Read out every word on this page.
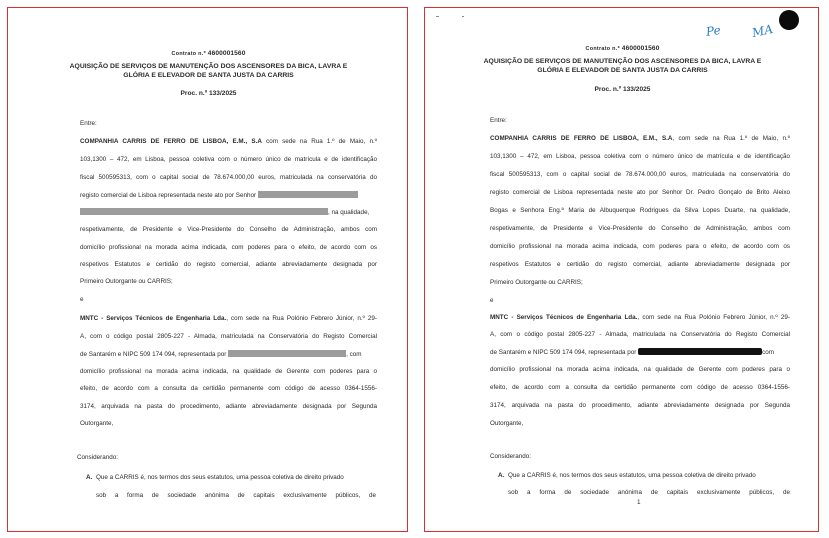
Contrato n.º 4600001560
AQUISIÇÃO DE SERVIÇOS DE MANUTENÇÃO DOS ASCENSORES DA BICA, LAVRA E
GLÓRIA E ELEVADOR DE SANTA JUSTA DA CARRIS
Proc. n.º 133/2025
Entre:
COMPANHIA CARRIS DE FERRO DE LISBOA, E.M., S.A com sede na Rua 1.º de Maio, n.º
103,1300 – 472, em Lisboa, pessoa coletiva com o número único de matrícula e de identificação
fiscal 500595313, com o capital social de 78.674.000,00 euros, matriculada na conservatória do
registo comercial de Lisboa representada neste ato por Senhor
, na qualidade,
respetivamente, de Presidente e Vice-Presidente do Conselho de Administração, ambos com
domicílio profissional na morada acima indicada, com poderes para o efeito, de acordo com os
respetivos Estatutos e certidão do registo comercial, adiante abreviadamente designada por
Primeiro Outorgante ou CARRIS;
e
MNTC - Serviços Técnicos de Engenharia Lda., com sede na Rua Polónio Febrero Júnior, n.º 29-
A, com o código postal 2805-227 - Almada, matriculada na Conservatória do Registo Comercial
de Santarém e NIPC 509 174 094, representada por	, com
domicílio profissional na morada acima indicada, na qualidade de Gerente com poderes para o
efeito, de acordo com a consulta da certidão permanente com código de acesso 0364-1556-
3174, arquivada na pasta do procedimento, adiante abreviadamente designada por Segunda
Outorgante,
Considerando:
A. Que a CARRIS é, nos termos dos seus estatutos, uma pessoa coletiva de direito privado
sob a forma de sociedade anónima de capitais exclusivamente públicos, de
Pe MA
Contrato n.º 4600001560
AQUISIÇÃO DE SERVIÇOS DE MANUTENÇÃO DOS ASCENSORES DA BICA, LAVRA E
GLÓRIA E ELEVADOR DE SANTA JUSTA DA CARRIS
Proc. n.º 133/2025
Entre:
COMPANHIA CARRIS DE FERRO DE LISBOA, E.M., S.A, com sede na Rua 1.º de Maio, n.º
103,1300 – 472, em Lisboa, pessoa coletiva com o número único de matrícula e de identificação
fiscal 500595313, com o capital social de 78.674.000,00 euros, matriculada na conservatória do
registo comercial de Lisboa representada neste ato por Senhor Dr. Pedro Gonçalo de Brito Aleixo
Bogas e Senhora Eng.ª Maria de Albuquerque Rodrigues da Silva Lopes Duarte, na qualidade,
respetivamente, de Presidente e Vice-Presidente do Conselho de Administração, ambos com
domicílio profissional na morada acima indicada, com poderes para o efeito, de acordo com os
respetivos Estatutos e certidão do registo comercial, adiante abreviadamente designada por
Primeiro Outorgante ou CARRIS;
e
MNTC - Serviços Técnicos de Engenharia Lda., com sede na Rua Polónio Febrero Júnior, n.º 29-
A, com o código postal 2805-227 - Almada, matriculada na Conservatória do Registo Comercial
de Santarém e NIPC 509 174 094, representada por	com
domicílio profissional na morada acima indicada, na qualidade de Gerente com poderes para o
efeito, de acordo com a consulta da certidão permanente com código de acesso 0364-1556-
3174, arquivada na pasta do procedimento, adiante abreviadamente designada por Segunda
Outorgante,
Considerando:
A. Que a CARRIS é, nos termos dos seus estatutos, uma pessoa coletiva de direito privado
sob a forma de sociedade anónima de capitais exclusivamente públicos, de
1
